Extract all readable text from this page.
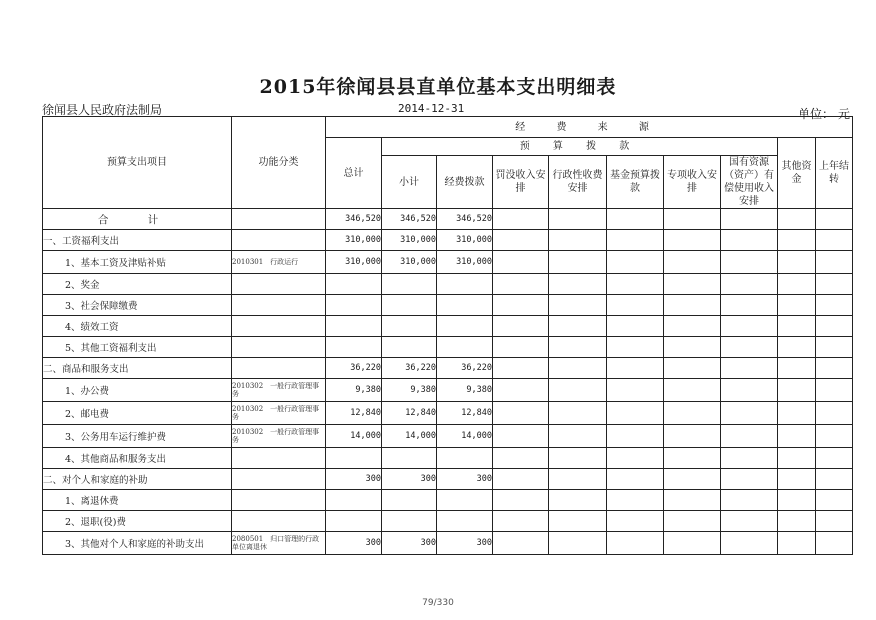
2015年徐闻县县直单位基本支出明细表
徐闻县人民政府法制局	2014-12-31	单位： 元
预算支出项目	功能分类	经 费 来 源									
		总计	预 算 拨 款							其他资金	上年结转
			小计	经费拨款	罚没收入安排	行政性收费安排	基金预算拨款	专项收入安排	国有资源（资产）有偿使用收入安排		
合 计		346,520	346,520	346,520							
一、工资福利支出		310,000	310,000	310,000							
1、基本工资及津贴补贴	2010301　行政运行	310,000	310,000	310,000							
2、奖金											
3、社会保障缴费											
4、绩效工资											
5、其他工资福利支出											
二、商品和服务支出		36,220	36,220	36,220							
1、办公费	2010302　一般行政管理事务	9,380	9,380	9,380							
2、邮电费	2010302　一般行政管理事务	12,840	12,840	12,840							
3、公务用车运行维护费	2010302　一般行政管理事务	14,000	14,000	14,000							
4、其他商品和服务支出											
二、对个人和家庭的补助		300	300	300							
1、离退休费											
2、退职(役)费											
3、其他对个人和家庭的补助支出	2080501　归口管理的行政单位离退休	300	300	300							
79/330
